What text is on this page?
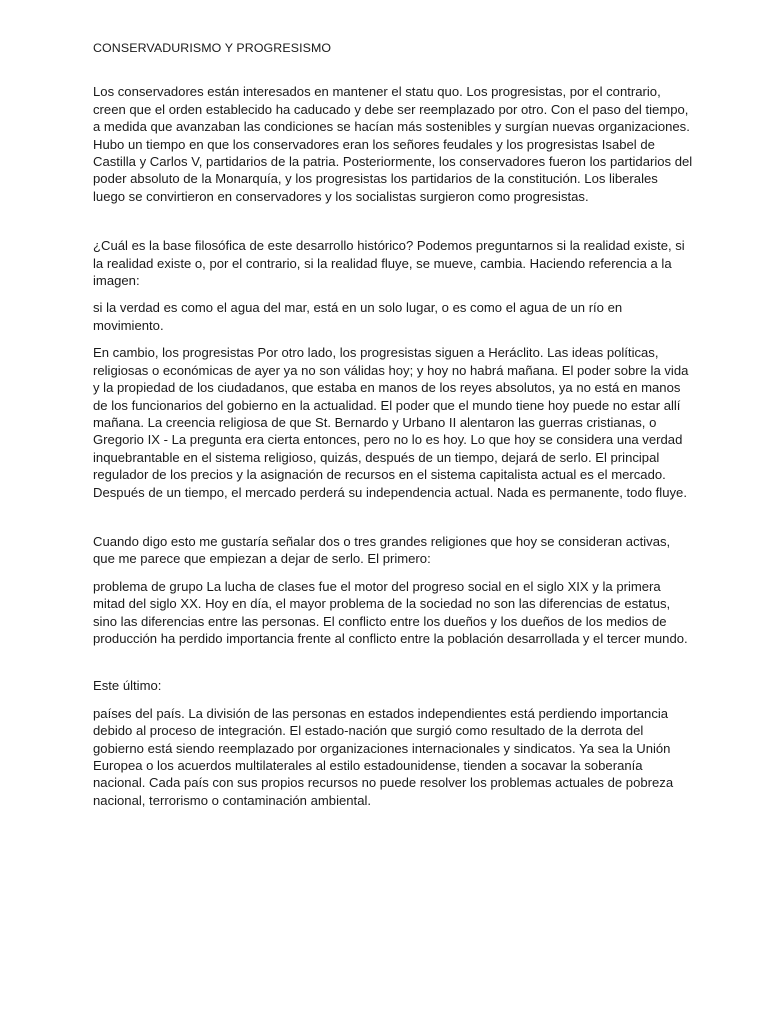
CONSERVADURISMO Y PROGRESISMO

Los conservadores están interesados en mantener el statu quo. Los progresistas, por el contrario, creen que el orden establecido ha caducado y debe ser reemplazado por otro. Con el paso del tiempo, a medida que avanzaban las condiciones se hacían más sostenibles y surgían nuevas organizaciones. Hubo un tiempo en que los conservadores eran los señores feudales y los progresistas Isabel de Castilla y Carlos V, partidarios de la patria. Posteriormente, los conservadores fueron los partidarios del poder absoluto de la Monarquía, y los progresistas los partidarios de la constitución. Los liberales luego se convirtieron en conservadores y los socialistas surgieron como progresistas.

¿Cuál es la base filosófica de este desarrollo histórico? Podemos preguntarnos si la realidad existe, si la realidad existe o, por el contrario, si la realidad fluye, se mueve, cambia. Haciendo referencia a la imagen:

si la verdad es como el agua del mar, está en un solo lugar, o es como el agua de un río en movimiento.

En cambio, los progresistas Por otro lado, los progresistas siguen a Heráclito. Las ideas políticas, religiosas o económicas de ayer ya no son válidas hoy; y hoy no habrá mañana. El poder sobre la vida y la propiedad de los ciudadanos, que estaba en manos de los reyes absolutos, ya no está en manos de los funcionarios del gobierno en la actualidad. El poder que el mundo tiene hoy puede no estar allí mañana. La creencia religiosa de que St. Bernardo y Urbano II alentaron las guerras cristianas, o Gregorio IX - La pregunta era cierta entonces, pero no lo es hoy. Lo que hoy se considera una verdad inquebrantable en el sistema religioso, quizás, después de un tiempo, dejará de serlo. El principal regulador de los precios y la asignación de recursos en el sistema capitalista actual es el mercado. Después de un tiempo, el mercado perderá su independencia actual. Nada es permanente, todo fluye.

Cuando digo esto me gustaría señalar dos o tres grandes religiones que hoy se consideran activas, que me parece que empiezan a dejar de serlo. El primero:

problema de grupo La lucha de clases fue el motor del progreso social en el siglo XIX y la primera mitad del siglo XX. Hoy en día, el mayor problema de la sociedad no son las diferencias de estatus, sino las diferencias entre las personas. El conflicto entre los dueños y los dueños de los medios de producción ha perdido importancia frente al conflicto entre la población desarrollada y el tercer mundo.

Este último:

países del país. La división de las personas en estados independientes está perdiendo importancia debido al proceso de integración. El estado-nación que surgió como resultado de la derrota del gobierno está siendo reemplazado por organizaciones internacionales y sindicatos. Ya sea la Unión Europea o los acuerdos multilaterales al estilo estadounidense, tienden a socavar la soberanía nacional. Cada país con sus propios recursos no puede resolver los problemas actuales de pobreza nacional, terrorismo o contaminación ambiental.
